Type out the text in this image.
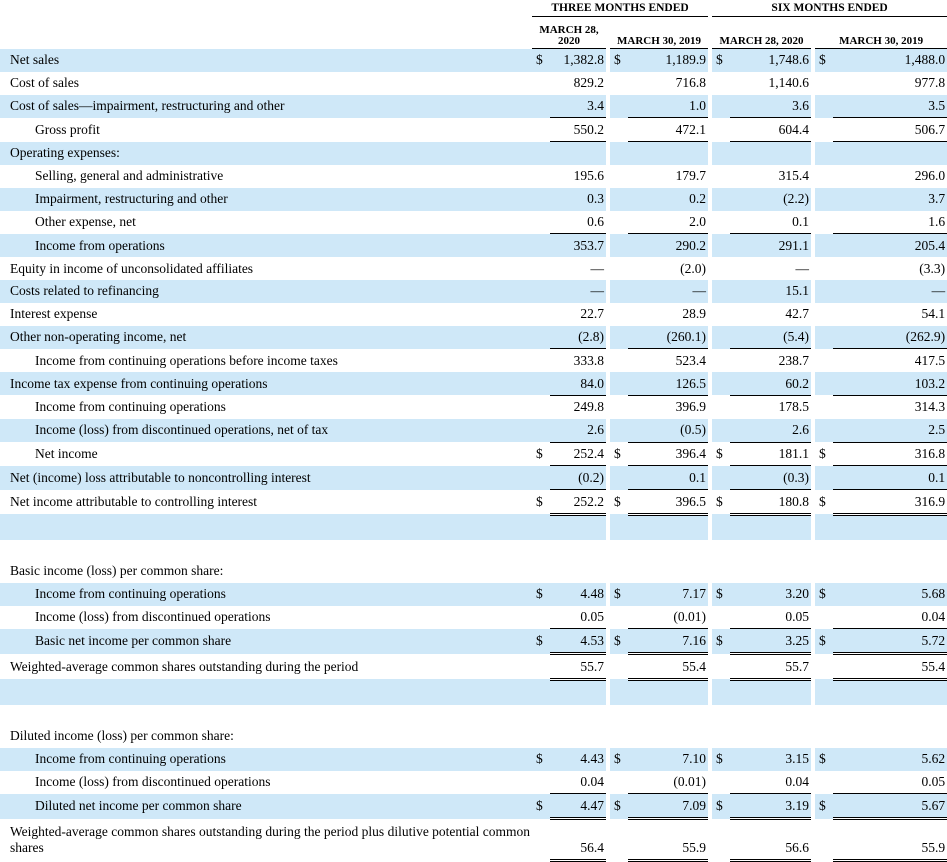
	THREE MONTHS ENDED						SIX MONTHS ENDED				
	MARCH 28, 2020			MARCH 30, 2019			MARCH 28, 2020			MARCH 30, 2019	
Net sales	$	1,382.8		$	1,189.9		$	1,748.6		$	1,488.0
Cost of sales		829.2			716.8			1,140.6			977.8
Cost of sales—impairment, restructuring and other		3.4			1.0			3.6			3.5
Gross profit		550.2			472.1			604.4			506.7
Operating expenses:											
Selling, general and administrative		195.6			179.7			315.4			296.0
Impairment, restructuring and other		0.3			0.2			(2.2)			3.7
Other expense, net		0.6			2.0			0.1			1.6
Income from operations		353.7			290.2			291.1			205.4
Equity in income of unconsolidated affiliates		—			(2.0)			—			(3.3)
Costs related to refinancing		—			—			15.1			—
Interest expense		22.7			28.9			42.7			54.1
Other non-operating income, net		(2.8)			(260.1)			(5.4)			(262.9)
Income from continuing operations before income taxes		333.8			523.4			238.7			417.5
Income tax expense from continuing operations		84.0			126.5			60.2			103.2
Income from continuing operations		249.8			396.9			178.5			314.3
Income (loss) from discontinued operations, net of tax		2.6			(0.5)			2.6			2.5
Net income	$	252.4		$	396.4		$	181.1		$	316.8
Net (income) loss attributable to noncontrolling interest		(0.2)			0.1			(0.3)			0.1
Net income attributable to controlling interest	$	252.2		$	396.5		$	180.8		$	316.9

Basic income (loss) per common share:											
Income from continuing operations	$	4.48		$	7.17		$	3.20		$	5.68
Income (loss) from discontinued operations		0.05			(0.01)			0.05			0.04
Basic net income per common share	$	4.53		$	7.16		$	3.25		$	5.72
Weighted-average common shares outstanding during the period		55.7			55.4			55.7			55.4

Diluted income (loss) per common share:											
Income from continuing operations	$	4.43		$	7.10		$	3.15		$	5.62
Income (loss) from discontinued operations		0.04			(0.01)			0.04			0.05
Diluted net income per common share	$	4.47		$	7.09		$	3.19		$	5.67
Weighted-average common shares outstanding during the period plus dilutive potential common shares		56.4			55.9			56.6			55.9
